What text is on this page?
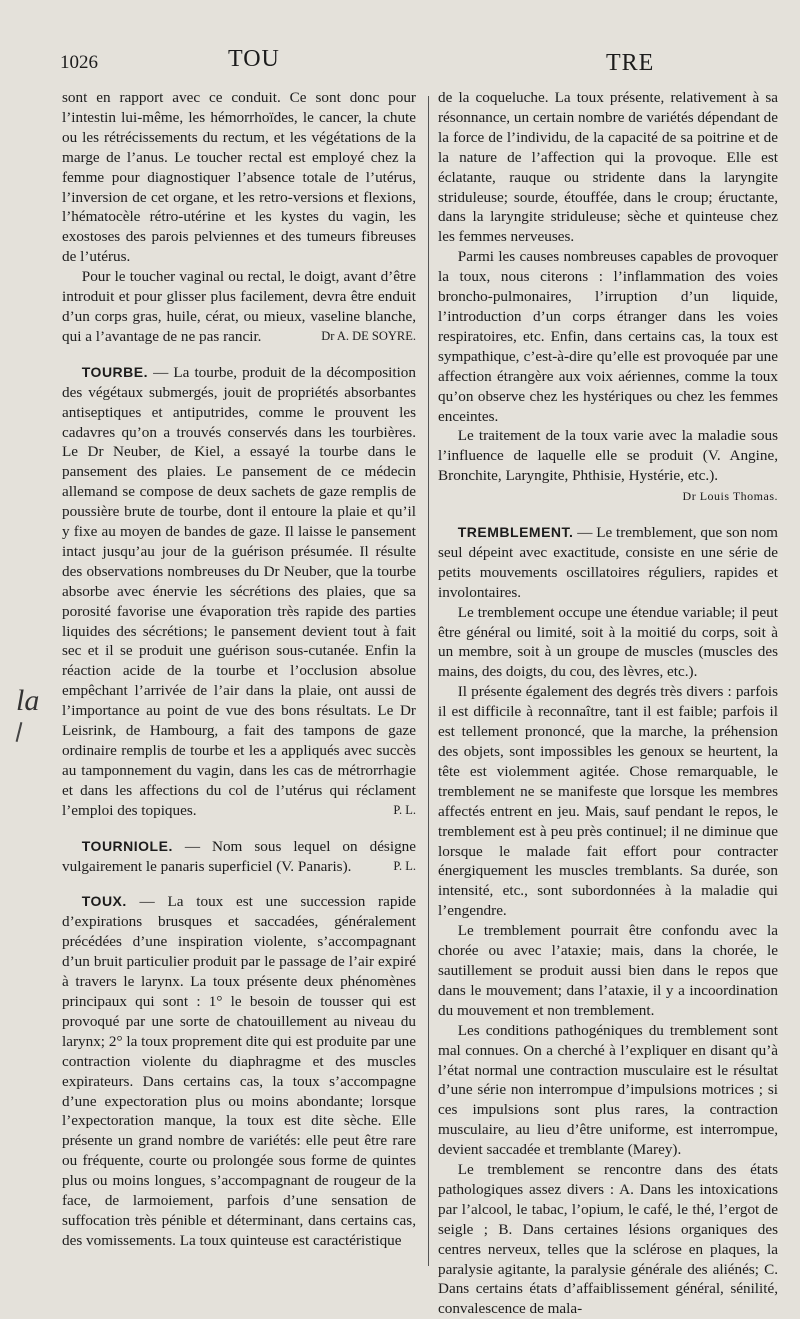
1026	TOU	TRE
la

sont en rapport avec ce conduit. Ce sont donc pour l’intestin lui-même, les hémorrhoïdes, le cancer, la chute ou les rétrécissements du rectum, et les végétations de la marge de l’anus. Le toucher rectal est employé chez la femme pour diagnostiquer l’absence totale de l’utérus, l’inversion de cet organe, et les retro-versions et flexions, l’hématocèle rétro-utérine et les kystes du vagin, les exostoses des parois pelviennes et des tumeurs fibreuses de l’utérus.

Pour le toucher vaginal ou rectal, le doigt, avant d’être introduit et pour glisser plus facilement, devra être enduit d’un corps gras, huile, cérat, ou mieux, vaseline blanche, qui a l’avantage de ne pas rancir.	Dr A. DE SOYRE.

TOURBE. — La tourbe, produit de la décomposition des végétaux submergés, jouit de propriétés absorbantes antiseptiques et antiputrides, comme le prouvent les cadavres qu’on a trouvés conservés dans les tourbières. Le Dr Neuber, de Kiel, a essayé la tourbe dans le pansement des plaies. Le pansement de ce médecin allemand se compose de deux sachets de gaze remplis de poussière brute de tourbe, dont il entoure la plaie et qu’il y fixe au moyen de bandes de gaze. Il laisse le pansement intact jusqu’au jour de la guérison présumée. Il résulte des observations nombreuses du Dr Neuber, que la tourbe absorbe avec énervie les sécrétions des plaies, que sa porosité favorise une évaporation très rapide des parties liquides des sécrétions; le pansement devient tout à fait sec et il se produit une guérison sous-cutanée. Enfin la réaction acide de la tourbe et l’occlusion absolue empêchant l’arrivée de l’air dans la plaie, ont aussi de l’importance au point de vue des bons résultats. Le Dr Leisrink, de Hambourg, a fait des tampons de gaze ordinaire remplis de tourbe et les a appliqués avec succès au tamponnement du vagin, dans les cas de métrorrhagie et dans les affections du col de l’utérus qui réclament l’emploi des topiques.	P. L.

TOURNIOLE. — Nom sous lequel on désigne vulgairement le panaris superficiel (V. Panaris).	P. L.

TOUX. — La toux est une succession rapide d’expirations brusques et saccadées, généralement précédées d’une inspiration violente, s’accompagnant d’un bruit particulier produit par le passage de l’air expiré à travers le larynx. La toux présente deux phénomènes principaux qui sont : 1° le besoin de tousser qui est provoqué par une sorte de chatouillement au niveau du larynx; 2° la toux proprement dite qui est produite par une contraction violente du diaphragme et des muscles expirateurs. Dans certains cas, la toux s’accompagne d’une expectoration plus ou moins abondante; lorsque l’expectoration manque, la toux est dite sèche. Elle présente un grand nombre de variétés: elle peut être rare ou fréquente, courte ou prolongée sous forme de quintes plus ou moins longues, s’accompagnant de rougeur de la face, de larmoiement, parfois d’une sensation de suffocation très pénible et déterminant, dans certains cas, des vomissements. La toux quinteuse est caractéristique

de la coqueluche. La toux présente, relativement à sa résonnance, un certain nombre de variétés dépendant de la force de l’individu, de la capacité de sa poitrine et de la nature de l’affection qui la provoque. Elle est éclatante, rauque ou stridente dans la laryngite striduleuse; sourde, étouffée, dans le croup; éructante, dans la laryngite striduleuse; sèche et quinteuse chez les femmes nerveuses.

Parmi les causes nombreuses capables de provoquer la toux, nous citerons : l’inflammation des voies broncho-pulmonaires, l’irruption d’un liquide, l’introduction d’un corps étranger dans les voies respiratoires, etc. Enfin, dans certains cas, la toux est sympathique, c’est-à-dire qu’elle est provoquée par une affection étrangère aux voix aériennes, comme la toux qu’on observe chez les hystériques ou chez les femmes enceintes.

Le traitement de la toux varie avec la maladie sous l’influence de laquelle elle se produit (V. Angine, Bronchite, Laryngite, Phthisie, Hystérie, etc.).

Dr Louis Thomas.

TREMBLEMENT. — Le tremblement, que son nom seul dépeint avec exactitude, consiste en une série de petits mouvements oscillatoires réguliers, rapides et involontaires.

Le tremblement occupe une étendue variable; il peut être général ou limité, soit à la moitié du corps, soit à un membre, soit à un groupe de muscles (muscles des mains, des doigts, du cou, des lèvres, etc.).

Il présente également des degrés très divers : parfois il est difficile à reconnaître, tant il est faible; parfois il est tellement prononcé, que la marche, la préhension des objets, sont impossibles les genoux se heurtent, la tête est violemment agitée. Chose remarquable, le tremblement ne se manifeste que lorsque les membres affectés entrent en jeu. Mais, sauf pendant le repos, le tremblement est à peu près continuel; il ne diminue que lorsque le malade fait effort pour contracter énergiquement les muscles tremblants. Sa durée, son intensité, etc., sont subordonnées à la maladie qui l’engendre.

Le tremblement pourrait être confondu avec la chorée ou avec l’ataxie; mais, dans la chorée, le sautillement se produit aussi bien dans le repos que dans le mouvement; dans l’ataxie, il y a incoordination du mouvement et non tremblement.

Les conditions pathogéniques du tremblement sont mal connues. On a cherché à l’expliquer en disant qu’à l’état normal une contraction musculaire est le résultat d’une série non interrompue d’impulsions motrices ; si ces impulsions sont plus rares, la contraction musculaire, au lieu d’être uniforme, est interrompue, devient saccadée et tremblante (Marey).

Le tremblement se rencontre dans des états pathologiques assez divers : A. Dans les intoxications par l’alcool, le tabac, l’opium, le café, le thé, l’ergot de seigle ; B. Dans certaines lésions organiques des centres nerveux, telles que la sclérose en plaques, la paralysie agitante, la paralysie générale des aliénés; C. Dans certains états d’affaiblissement général, sénilité, convalescence de mala-
